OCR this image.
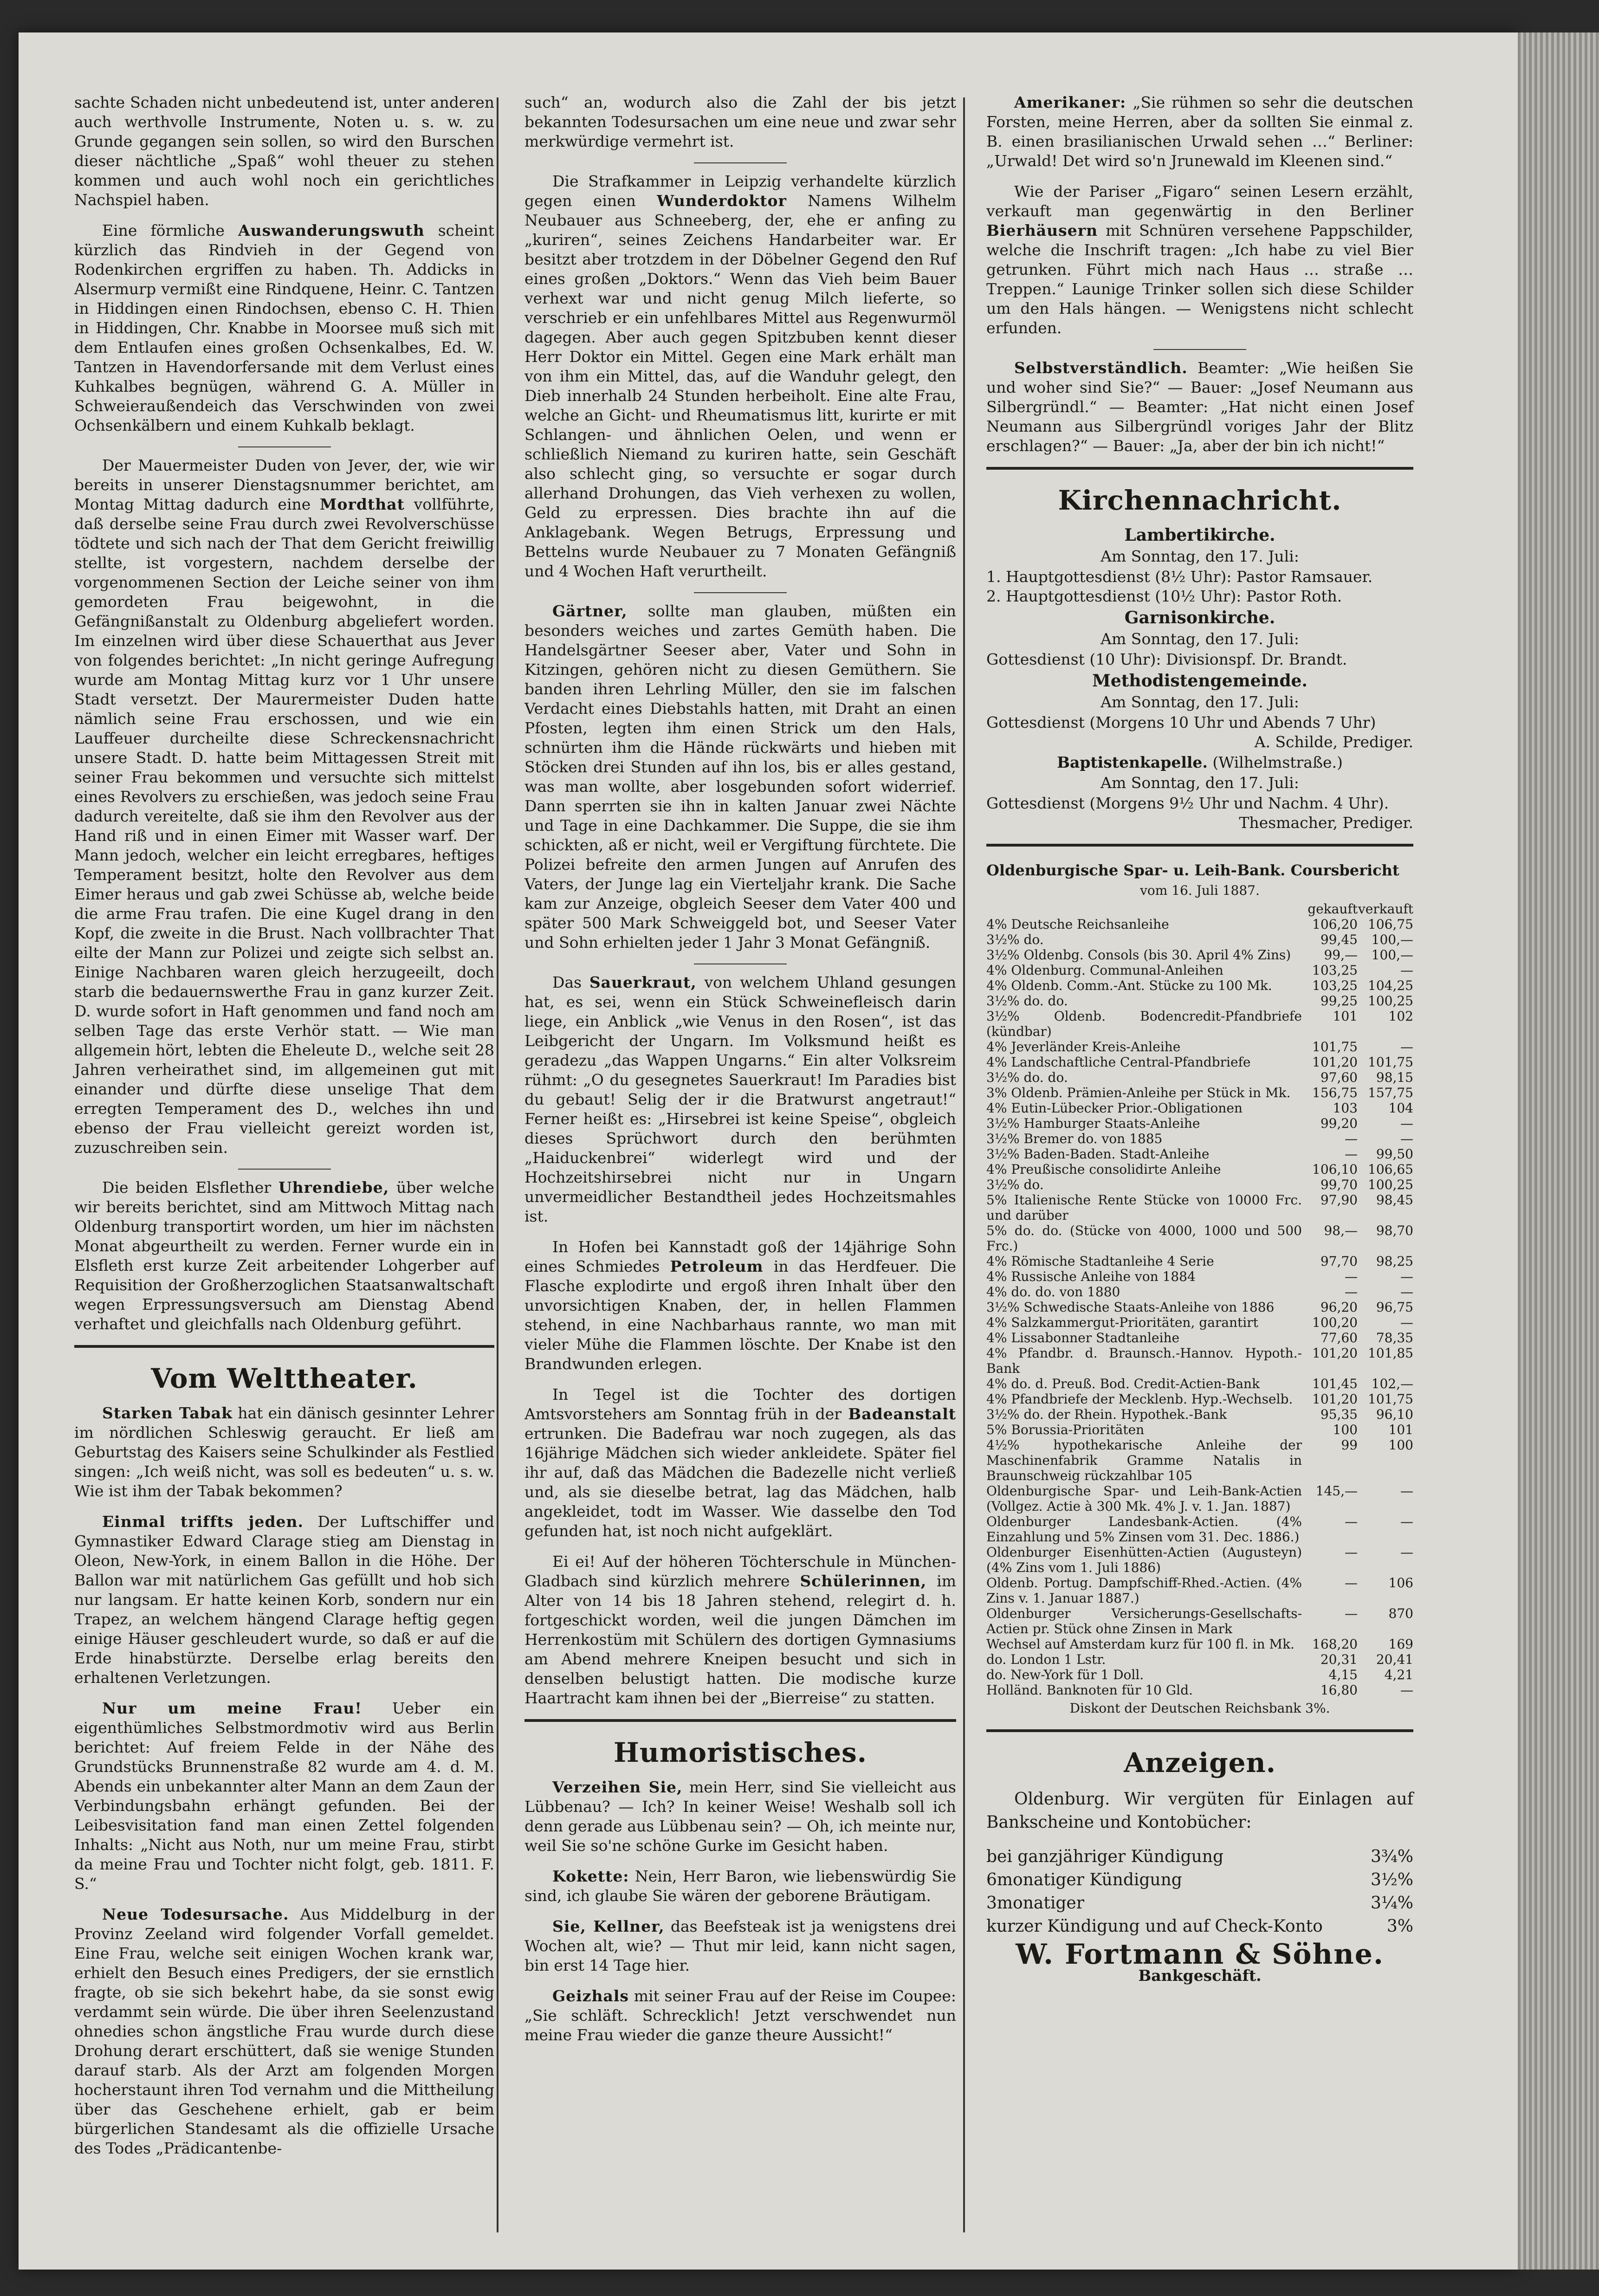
sachte Schaden nicht unbedeutend ist, unter anderen auch werthvolle Instrumente, Noten u. s. w. zu Grunde gegangen sein sollen, so wird den Burschen dieser nächtliche „Spaß“ wohl theuer zu stehen kommen und auch wohl noch ein gerichtliches Nachspiel haben.

Eine förmliche Auswanderungswuth scheint kürzlich das Rindvieh in der Gegend von Rodenkirchen ergriffen zu haben. Th. Addicks in Alsermurp vermißt eine Rindquene, Heinr. C. Tantzen in Hiddingen einen Rindochsen, ebenso C. H. Thien in Hiddingen, Chr. Knabbe in Moorsee muß sich mit dem Entlaufen eines großen Ochsenkalbes, Ed. W. Tantzen in Havendorfersande mit dem Verlust eines Kuhkalbes begnügen, während G. A. Müller in Schweieraußendeich das Verschwinden von zwei Ochsenkälbern und einem Kuhkalb beklagt.

Der Mauermeister Duden von Jever, der, wie wir bereits in unserer Dienstagsnummer berichtet, am Montag Mittag dadurch eine Mordthat vollführte, daß derselbe seine Frau durch zwei Revolverschüsse tödtete und sich nach der That dem Gericht freiwillig stellte, ist vorgestern, nachdem derselbe der vorgenommenen Section der Leiche seiner von ihm gemordeten Frau beigewohnt, in die Gefängnißanstalt zu Oldenburg abgeliefert worden. Im einzelnen wird über diese Schauerthat aus Jever von folgendes berichtet: „In nicht geringe Aufregung wurde am Montag Mittag kurz vor 1 Uhr unsere Stadt versetzt. Der Maurermeister Duden hatte nämlich seine Frau erschossen, und wie ein Lauffeuer durcheilte diese Schreckensnachricht unsere Stadt. D. hatte beim Mittagessen Streit mit seiner Frau bekommen und versuchte sich mittelst eines Revolvers zu erschießen, was jedoch seine Frau dadurch vereitelte, daß sie ihm den Revolver aus der Hand riß und in einen Eimer mit Wasser warf. Der Mann jedoch, welcher ein leicht erregbares, heftiges Temperament besitzt, holte den Revolver aus dem Eimer heraus und gab zwei Schüsse ab, welche beide die arme Frau trafen. Die eine Kugel drang in den Kopf, die zweite in die Brust. Nach vollbrachter That eilte der Mann zur Polizei und zeigte sich selbst an. Einige Nachbaren waren gleich herzugeeilt, doch starb die bedauernswerthe Frau in ganz kurzer Zeit. D. wurde sofort in Haft genommen und fand noch am selben Tage das erste Verhör statt. — Wie man allgemein hört, lebten die Eheleute D., welche seit 28 Jahren verheirathet sind, im allgemeinen gut mit einander und dürfte diese unselige That dem erregten Temperament des D., welches ihn und ebenso der Frau vielleicht gereizt worden ist, zuzuschreiben sein.

Die beiden Elsflether Uhrendiebe, über welche wir bereits berichtet, sind am Mittwoch Mittag nach Oldenburg transportirt worden, um hier im nächsten Monat abgeurtheilt zu werden. Ferner wurde ein in Elsfleth erst kurze Zeit arbeitender Lohgerber auf Requisition der Großherzoglichen Staatsanwaltschaft wegen Erpressungsversuch am Dienstag Abend verhaftet und gleichfalls nach Oldenburg geführt.

Vom Welttheater.

Starken Tabak hat ein dänisch gesinnter Lehrer im nördlichen Schleswig geraucht. Er ließ am Geburtstag des Kaisers seine Schulkinder als Festlied singen: „Ich weiß nicht, was soll es bedeuten“ u. s. w. Wie ist ihm der Tabak bekommen?

Einmal triffts jeden. Der Luftschiffer und Gymnastiker Edward Clarage stieg am Dienstag in Oleon, New-York, in einem Ballon in die Höhe. Der Ballon war mit natürlichem Gas gefüllt und hob sich nur langsam. Er hatte keinen Korb, sondern nur ein Trapez, an welchem hängend Clarage heftig gegen einige Häuser geschleudert wurde, so daß er auf die Erde hinabstürzte. Derselbe erlag bereits den erhaltenen Verletzungen.

Nur um meine Frau! Ueber ein eigenthümliches Selbstmordmotiv wird aus Berlin berichtet: Auf freiem Felde in der Nähe des Grundstücks Brunnenstraße 82 wurde am 4. d. M. Abends ein unbekannter alter Mann an dem Zaun der Verbindungsbahn erhängt gefunden. Bei der Leibesvisitation fand man einen Zettel folgenden Inhalts: „Nicht aus Noth, nur um meine Frau, stirbt da meine Frau und Tochter nicht folgt, geb. 1811. F. S.“

Neue Todesursache. Aus Middelburg in der Provinz Zeeland wird folgender Vorfall gemeldet. Eine Frau, welche seit einigen Wochen krank war, erhielt den Besuch eines Predigers, der sie ernstlich fragte, ob sie sich bekehrt habe, da sie sonst ewig verdammt sein würde. Die über ihren Seelenzustand ohnedies schon ängstliche Frau wurde durch diese Drohung derart erschüttert, daß sie wenige Stunden darauf starb. Als der Arzt am folgenden Morgen hocherstaunt ihren Tod vernahm und die Mittheilung über das Geschehene erhielt, gab er beim bürgerlichen Standesamt als die offizielle Ursache des Todes „Prädicantenbe-

such“ an, wodurch also die Zahl der bis jetzt bekannten Todesursachen um eine neue und zwar sehr merkwürdige vermehrt ist.

Die Strafkammer in Leipzig verhandelte kürzlich gegen einen Wunderdoktor Namens Wilhelm Neubauer aus Schneeberg, der, ehe er anfing zu „kuriren“, seines Zeichens Handarbeiter war. Er besitzt aber trotzdem in der Döbelner Gegend den Ruf eines großen „Doktors.“ Wenn das Vieh beim Bauer verhext war und nicht genug Milch lieferte, so verschrieb er ein unfehlbares Mittel aus Regenwurmöl dagegen. Aber auch gegen Spitzbuben kennt dieser Herr Doktor ein Mittel. Gegen eine Mark erhält man von ihm ein Mittel, das, auf die Wanduhr gelegt, den Dieb innerhalb 24 Stunden herbeiholt. Eine alte Frau, welche an Gicht- und Rheumatismus litt, kurirte er mit Schlangen- und ähnlichen Oelen, und wenn er schließlich Niemand zu kuriren hatte, sein Geschäft also schlecht ging, so versuchte er sogar durch allerhand Drohungen, das Vieh verhexen zu wollen, Geld zu erpressen. Dies brachte ihn auf die Anklagebank. Wegen Betrugs, Erpressung und Bettelns wurde Neubauer zu 7 Monaten Gefängniß und 4 Wochen Haft verurtheilt.

Gärtner, sollte man glauben, müßten ein besonders weiches und zartes Gemüth haben. Die Handelsgärtner Seeser aber, Vater und Sohn in Kitzingen, gehören nicht zu diesen Gemüthern. Sie banden ihren Lehrling Müller, den sie im falschen Verdacht eines Diebstahls hatten, mit Draht an einen Pfosten, legten ihm einen Strick um den Hals, schnürten ihm die Hände rückwärts und hieben mit Stöcken drei Stunden auf ihn los, bis er alles gestand, was man wollte, aber losgebunden sofort widerrief. Dann sperrten sie ihn in kalten Januar zwei Nächte und Tage in eine Dachkammer. Die Suppe, die sie ihm schickten, aß er nicht, weil er Vergiftung fürchtete. Die Polizei befreite den armen Jungen auf Anrufen des Vaters, der Junge lag ein Vierteljahr krank. Die Sache kam zur Anzeige, obgleich Seeser dem Vater 400 und später 500 Mark Schweiggeld bot, und Seeser Vater und Sohn erhielten jeder 1 Jahr 3 Monat Gefängniß.

Das Sauerkraut, von welchem Uhland gesungen hat, es sei, wenn ein Stück Schweinefleisch darin liege, ein Anblick „wie Venus in den Rosen“, ist das Leibgericht der Ungarn. Im Volksmund heißt es geradezu „das Wappen Ungarns.“ Ein alter Volksreim rühmt: „O du gesegnetes Sauerkraut! Im Paradies bist du gebaut! Selig der ir die Bratwurst angetraut!“ Ferner heißt es: „Hirsebrei ist keine Speise“, obgleich dieses Sprüchwort durch den berühmten „Haiduckenbrei“ widerlegt wird und der Hochzeitshirsebrei nicht nur in Ungarn unvermeidlicher Bestandtheil jedes Hochzeitsmahles ist.

In Hofen bei Kannstadt goß der 14jährige Sohn eines Schmiedes Petroleum in das Herdfeuer. Die Flasche explodirte und ergoß ihren Inhalt über den unvorsichtigen Knaben, der, in hellen Flammen stehend, in eine Nachbarhaus rannte, wo man mit vieler Mühe die Flammen löschte. Der Knabe ist den Brandwunden erlegen.

In Tegel ist die Tochter des dortigen Amtsvorstehers am Sonntag früh in der Badeanstalt ertrunken. Die Badefrau war noch zugegen, als das 16jährige Mädchen sich wieder ankleidete. Später fiel ihr auf, daß das Mädchen die Badezelle nicht verließ und, als sie dieselbe betrat, lag das Mädchen, halb angekleidet, todt im Wasser. Wie dasselbe den Tod gefunden hat, ist noch nicht aufgeklärt.

Ei ei! Auf der höheren Töchterschule in München-Gladbach sind kürzlich mehrere Schülerinnen, im Alter von 14 bis 18 Jahren stehend, relegirt d. h. fortgeschickt worden, weil die jungen Dämchen im Herrenkostüm mit Schülern des dortigen Gymnasiums am Abend mehrere Kneipen besucht und sich in denselben belustigt hatten. Die modische kurze Haartracht kam ihnen bei der „Bierreise“ zu statten.

Humoristisches.

Verzeihen Sie, mein Herr, sind Sie vielleicht aus Lübbenau? — Ich? In keiner Weise! Weshalb soll ich denn gerade aus Lübbenau sein? — Oh, ich meinte nur, weil Sie so'ne schöne Gurke im Gesicht haben.

Kokette: Nein, Herr Baron, wie liebenswürdig Sie sind, ich glaube Sie wären der geborene Bräutigam.

Sie, Kellner, das Beefsteak ist ja wenigstens drei Wochen alt, wie? — Thut mir leid, kann nicht sagen, bin erst 14 Tage hier.

Geizhals mit seiner Frau auf der Reise im Coupee: „Sie schläft. Schrecklich! Jetzt verschwendet nun meine Frau wieder die ganze theure Aussicht!“

Amerikaner: „Sie rühmen so sehr die deutschen Forsten, meine Herren, aber da sollten Sie einmal z. B. einen brasilianischen Urwald sehen …“ Berliner: „Urwald! Det wird so'n Jrunewald im Kleenen sind.“

Wie der Pariser „Figaro“ seinen Lesern erzählt, verkauft man gegenwärtig in den Berliner Bierhäusern mit Schnüren versehene Pappschilder, welche die Inschrift tragen: „Ich habe zu viel Bier getrunken. Führt mich nach Haus … straße … Treppen.“ Launige Trinker sollen sich diese Schilder um den Hals hängen. — Wenigstens nicht schlecht erfunden.

Selbstverständlich. Beamter: „Wie heißen Sie und woher sind Sie?“ — Bauer: „Josef Neumann aus Silbergründl.“ — Beamter: „Hat nicht einen Josef Neumann aus Silbergründl voriges Jahr der Blitz erschlagen?“ — Bauer: „Ja, aber der bin ich nicht!“

Kirchennachricht.
Lambertikirche.
Am Sonntag, den 17. Juli:
1. Hauptgottesdienst (8½ Uhr): Pastor Ramsauer.
2. Hauptgottesdienst (10½ Uhr): Pastor Roth.
Garnisonkirche.
Am Sonntag, den 17. Juli:
Gottesdienst (10 Uhr): Divisionspf. Dr. Brandt.
Methodistengemeinde.
Am Sonntag, den 17. Juli:
Gottesdienst (Morgens 10 Uhr und Abends 7 Uhr)
A. Schilde, Prediger.
Baptistenkapelle. (Wilhelmstraße.)
Am Sonntag, den 17. Juli:
Gottesdienst (Morgens 9½ Uhr und Nachm. 4 Uhr).
Thesmacher, Prediger.
Oldenburgische Spar- u. Leih-Bank. Coursbericht
vom 16. Juli 1887.
	gekauft	verkauft
4% Deutsche Reichsanleihe	106,20	106,75
3½% do.	99,45	100,—
3½% Oldenbg. Consols (bis 30. April 4% Zins)	99,—	100,—
4% Oldenburg. Communal-Anleihen	103,25	—
4% Oldenb. Comm.-Ant. Stücke zu 100 Mk.	103,25	104,25
3½% do. do.	99,25	100,25
3½% Oldenb. Bodencredit-Pfandbriefe (kündbar)	101	102
4% Jeverländer Kreis-Anleihe	101,75	—
4% Landschaftliche Central-Pfandbriefe	101,20	101,75
3½% do. do.	97,60	98,15
3% Oldenb. Prämien-Anleihe per Stück in Mk.	156,75	157,75
4% Eutin-Lübecker Prior.-Obligationen	103	104
3½% Hamburger Staats-Anleihe	99,20	—
3½% Bremer do. von 1885	—	—
3½% Baden-Baden. Stadt-Anleihe	—	99,50
4% Preußische consolidirte Anleihe	106,10	106,65
3½% do.	99,70	100,25
5% Italienische Rente Stücke von 10000 Frc. und darüber	97,90	98,45
5% do. do. (Stücke von 4000, 1000 und 500 Frc.)	98,—	98,70
4% Römische Stadtanleihe 4 Serie	97,70	98,25
4% Russische Anleihe von 1884	—	—
4% do. do. von 1880	—	—
3½% Schwedische Staats-Anleihe von 1886	96,20	96,75
4% Salzkammergut-Prioritäten, garantirt	100,20	—
4% Lissabonner Stadtanleihe	77,60	78,35
4% Pfandbr. d. Braunsch.-Hannov. Hypoth.-Bank	101,20	101,85
4% do. d. Preuß. Bod. Credit-Actien-Bank	101,45	102,—
4% Pfandbriefe der Mecklenb. Hyp.-Wechselb.	101,20	101,75
3½% do. der Rhein. Hypothek.-Bank	95,35	96,10
5% Borussia-Prioritäten	100	101
4½% hypothekarische Anleihe der Maschinenfabrik Gramme Natalis in Braunschweig rückzahlbar 105	99	100
Oldenburgische Spar- und Leih-Bank-Actien (Vollgez. Actie à 300 Mk. 4% J. v. 1. Jan. 1887)	145,—	—
Oldenburger Landesbank-Actien. (4% Einzahlung und 5% Zinsen vom 31. Dec. 1886.)	—	—
Oldenburger Eisenhütten-Actien (Augusteyn) (4% Zins vom 1. Juli 1886)	—	—
Oldenb. Portug. Dampfschiff-Rhed.-Actien. (4% Zins v. 1. Januar 1887.)	—	106
Oldenburger Versicherungs-Gesellschafts-Actien pr. Stück ohne Zinsen in Mark	—	870
Wechsel auf Amsterdam kurz für 100 fl. in Mk.	168,20	169
do. London 1 Lstr.	20,31	20,41
do. New-York für 1 Doll.	4,15	4,21
Holländ. Banknoten für 10 Gld.	16,80	—
Diskont der Deutschen Reichsbank 3%.
Anzeigen.

Oldenburg. Wir vergüten für Einlagen auf Bankscheine und Kontobücher:

bei ganzjähriger Kündigung	3¾%
6monatiger Kündigung	3½%
3monatiger	3¼%
kurzer Kündigung und auf Check-Konto	3%
W. Fortmann & Söhne.
Bankgeschäft.
